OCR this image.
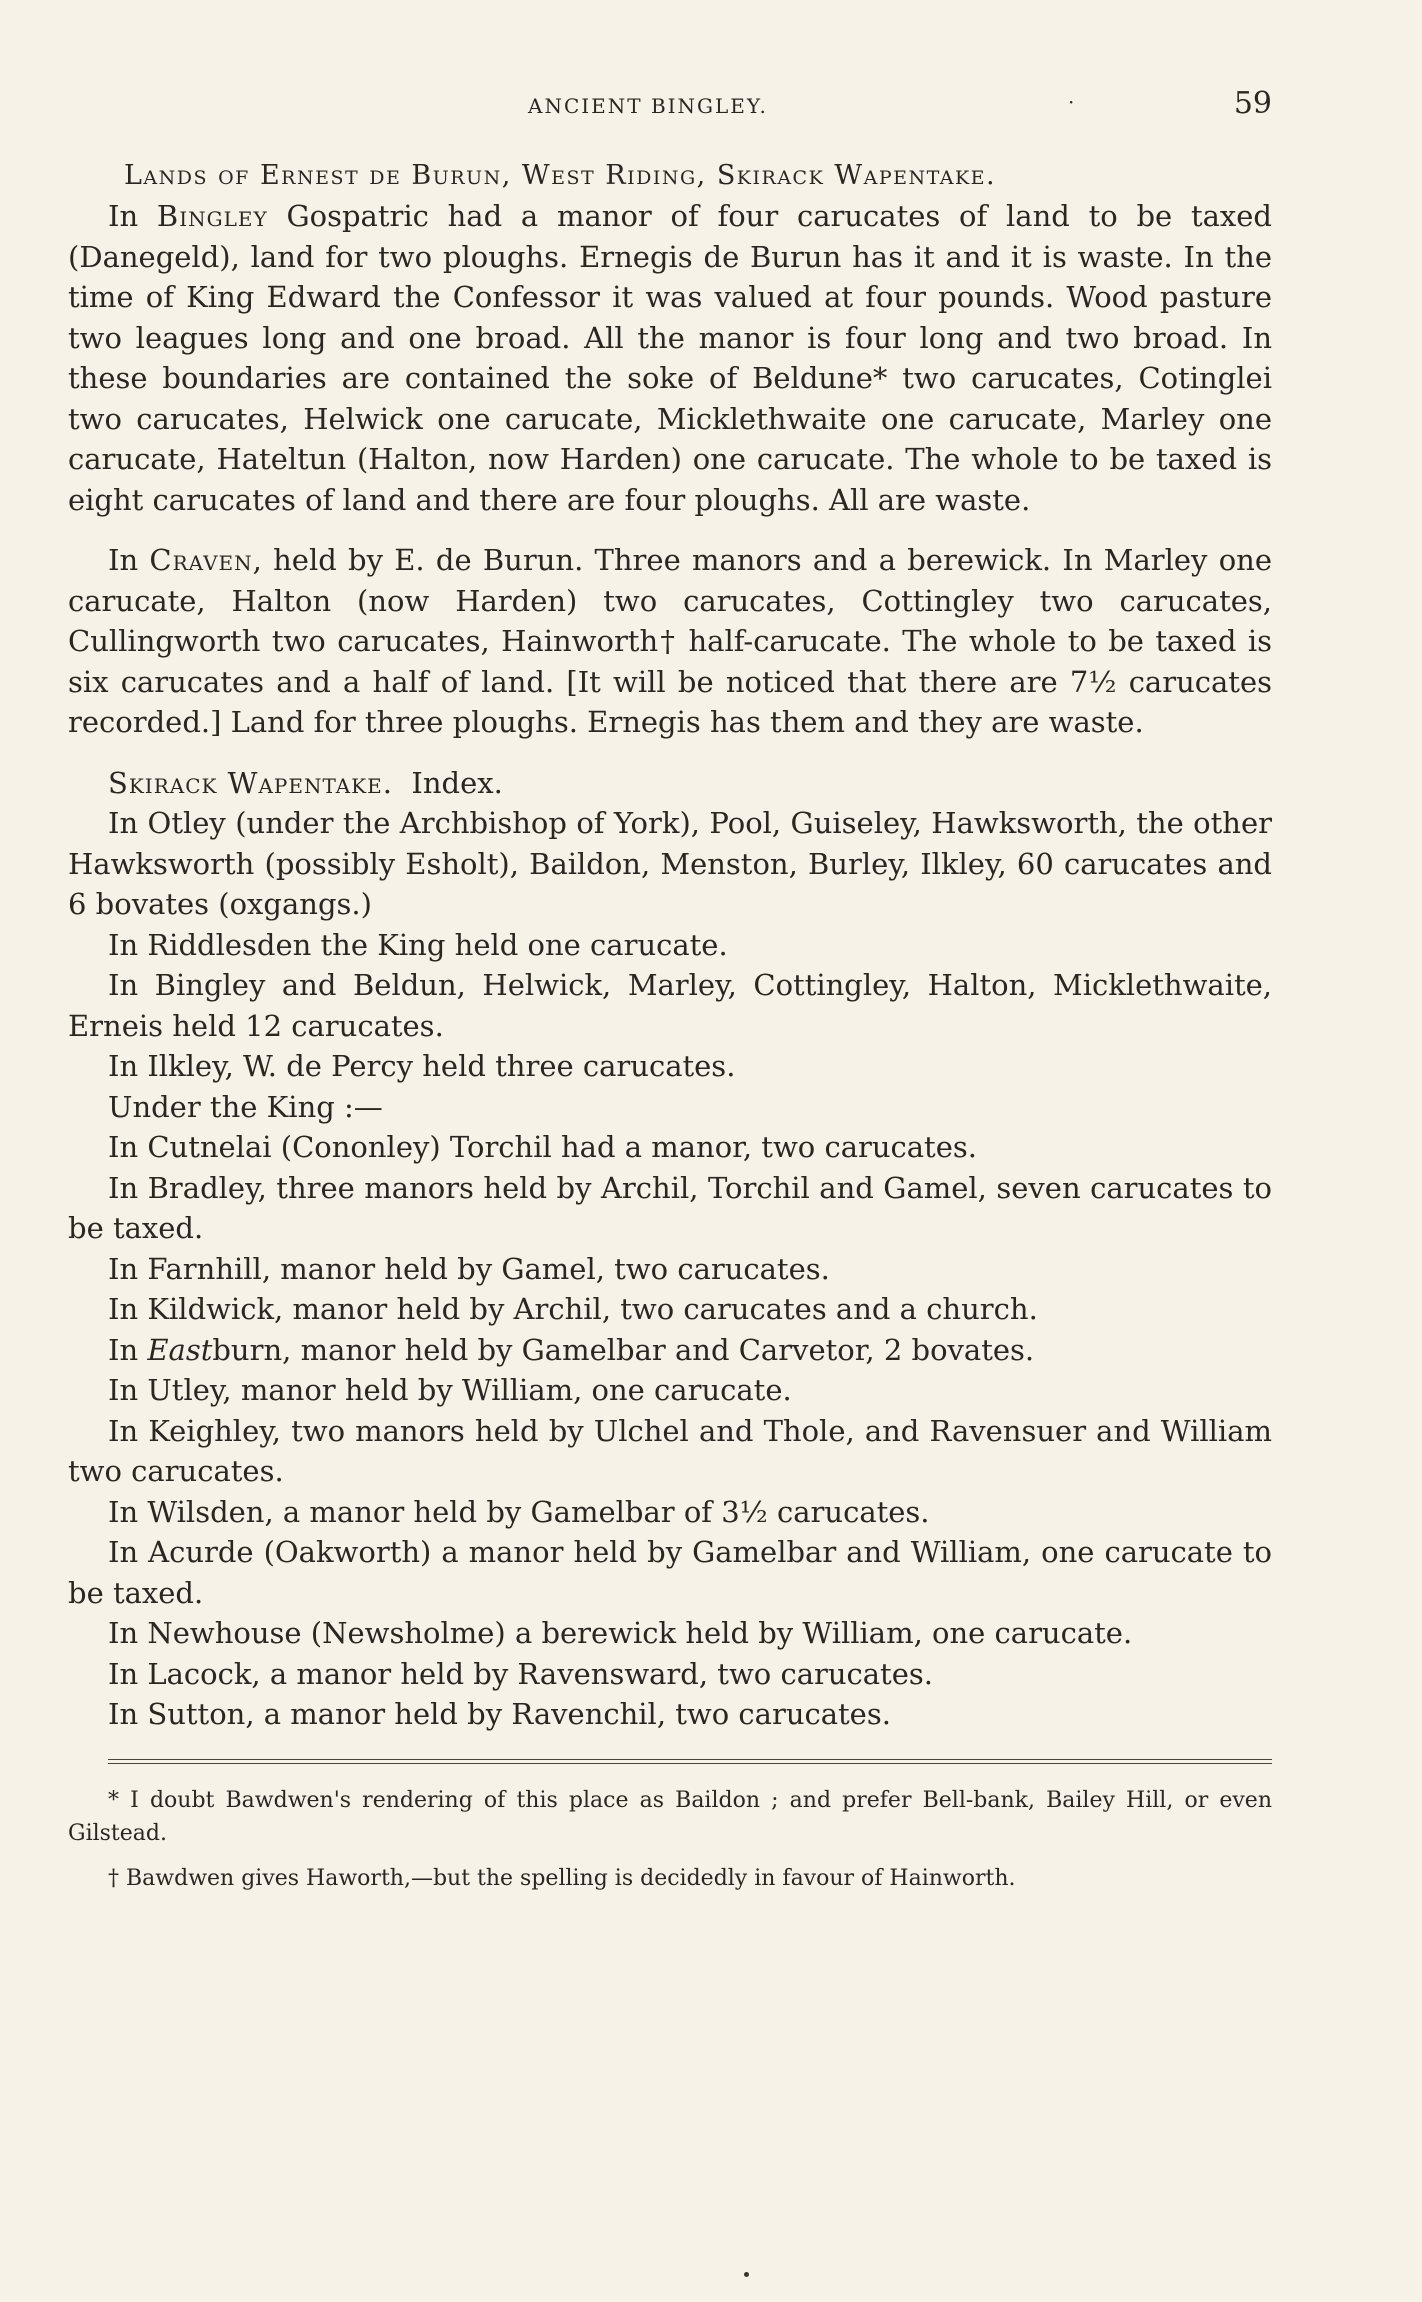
ANCIENT BINGLEY.	·	59
Lands of Ernest de Burun, West Riding, Skirack Wapentake.

In Bingley Gospatric had a manor of four carucates of land to be taxed (Danegeld), land for two ploughs. Ernegis de Burun has it and it is waste. In the time of King Edward the Confessor it was valued at four pounds. Wood pasture two leagues long and one broad. All the manor is four long and two broad. In these boundaries are contained the soke of Beldune* two carucates, Cotinglei two carucates, Helwick one carucate, Micklethwaite one carucate, Marley one carucate, Hateltun (Halton, now Harden) one carucate. The whole to be taxed is eight carucates of land and there are four ploughs. All are waste.

In Craven, held by E. de Burun. Three manors and a berewick. In Marley one carucate, Halton (now Harden) two carucates, Cottingley two carucates, Cullingworth two carucates, Hainworth† half-carucate. The whole to be taxed is six carucates and a half of land. [It will be noticed that there are 7½ carucates recorded.] Land for three ploughs. Ernegis has them and they are waste.

Skirack Wapentake. Index.

In Otley (under the Archbishop of York), Pool, Guiseley, Hawksworth, the other Hawksworth (possibly Esholt), Baildon, Menston, Burley, Ilkley, 60 carucates and 6 bovates (oxgangs.)

In Riddlesden the King held one carucate.

In Bingley and Beldun, Helwick, Marley, Cottingley, Halton, Micklethwaite, Erneis held 12 carucates.

In Ilkley, W. de Percy held three carucates.

Under the King :—

In Cutnelai (Cononley) Torchil had a manor, two carucates.

In Bradley, three manors held by Archil, Torchil and Gamel, seven carucates to be taxed.

In Farnhill, manor held by Gamel, two carucates.

In Kildwick, manor held by Archil, two carucates and a church.

In Eastburn, manor held by Gamelbar and Carvetor, 2 bovates.

In Utley, manor held by William, one carucate.

In Keighley, two manors held by Ulchel and Thole, and Ravensuer and William two carucates.

In Wilsden, a manor held by Gamelbar of 3½ carucates.

In Acurde (Oakworth) a manor held by Gamelbar and William, one carucate to be taxed.

In Newhouse (Newsholme) a berewick held by William, one carucate.

In Lacock, a manor held by Ravensward, two carucates.

In Sutton, a manor held by Ravenchil, two carucates.

* I doubt Bawdwen's rendering of this place as Baildon ; and prefer Bell-bank, Bailey Hill, or even Gilstead.

† Bawdwen gives Haworth,—but the spelling is decidedly in favour of Hainworth.
